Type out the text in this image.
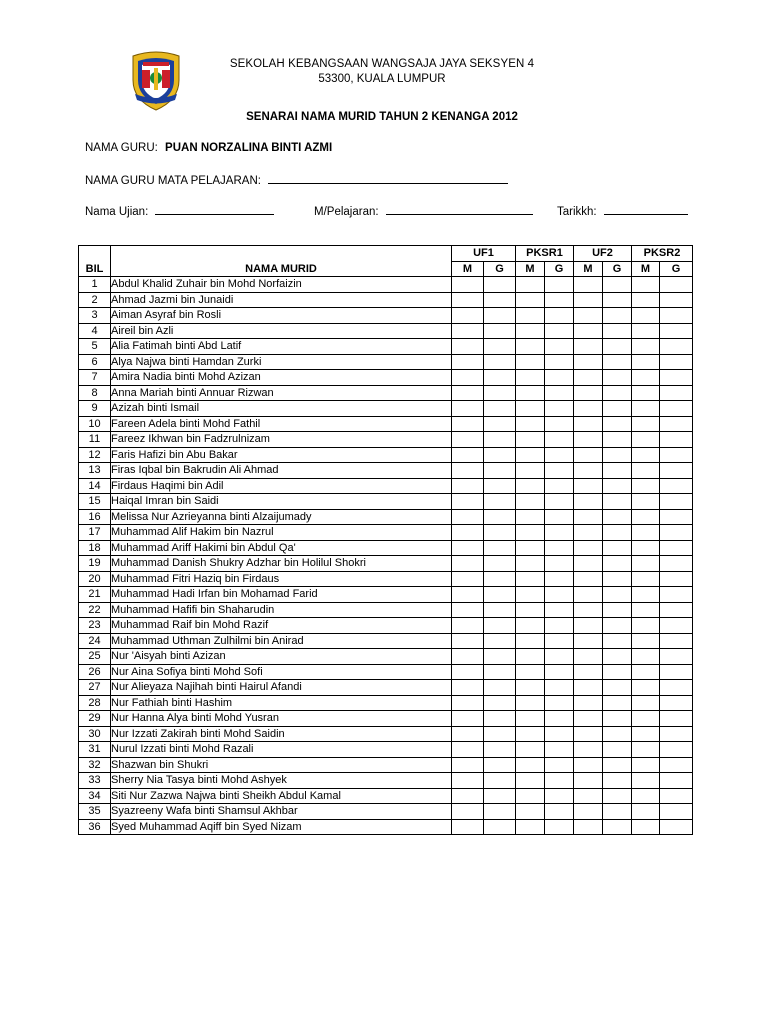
SEKOLAH KEBANGSAAN WANGSAJA JAYA SEKSYEN 4
53300, KUALA LUMPUR
SENARAI NAMA MURID TAHUN 2 KENANGA 2012
NAMA GURU: PUAN NORZALINA BINTI AZMI
NAMA GURU MATA PELAJARAN:
Nama Ujian:	M/Pelajaran:	Tarikkh:
BIL	NAMA MURID	UF1		PKSR1		UF2		PKSR2	
		M	G	M	G	M	G	M	G
1	Abdul Khalid Zuhair bin Mohd Norfaizin								
2	Ahmad Jazmi bin Junaidi								
3	Aiman Asyraf bin Rosli								
4	Aireil bin Azli								
5	Alia Fatimah binti Abd Latif								
6	Alya Najwa binti Hamdan Zurki								
7	Amira Nadia binti Mohd Azizan								
8	Anna Mariah binti Annuar Rizwan								
9	Azizah binti Ismail								
10	Fareen Adela binti Mohd Fathil								
11	Fareez Ikhwan bin Fadzrulnizam								
12	Faris Hafizi bin Abu Bakar								
13	Firas Iqbal bin Bakrudin Ali Ahmad								
14	Firdaus Haqimi bin Adil								
15	Haiqal Imran bin Saidi								
16	Melissa Nur Azrieyanna binti Alzaijumady								
17	Muhammad Alif Hakim bin Nazrul								
18	Muhammad Ariff Hakimi bin Abdul Qa'								
19	Muhammad Danish Shukry Adzhar bin Holilul Shokri								
20	Muhammad Fitri Haziq bin Firdaus								
21	Muhammad Hadi Irfan bin Mohamad Farid								
22	Muhammad Hafifi bin Shaharudin								
23	Muhammad Raif bin Mohd Razif								
24	Muhammad Uthman Zulhilmi bin Anirad								
25	Nur 'Aisyah binti Azizan								
26	Nur Aina Sofiya binti Mohd Sofi								
27	Nur Alieyaza Najihah binti Hairul Afandi								
28	Nur Fathiah binti Hashim								
29	Nur Hanna Alya binti Mohd Yusran								
30	Nur Izzati Zakirah binti Mohd Saidin								
31	Nurul Izzati binti Mohd Razali								
32	Shazwan bin Shukri								
33	Sherry Nia Tasya binti Mohd Ashyek								
34	Siti Nur Zazwa Najwa binti Sheikh Abdul Kamal								
35	Syazreeny Wafa binti Shamsul Akhbar								
36	Syed Muhammad Aqiff bin Syed Nizam								
